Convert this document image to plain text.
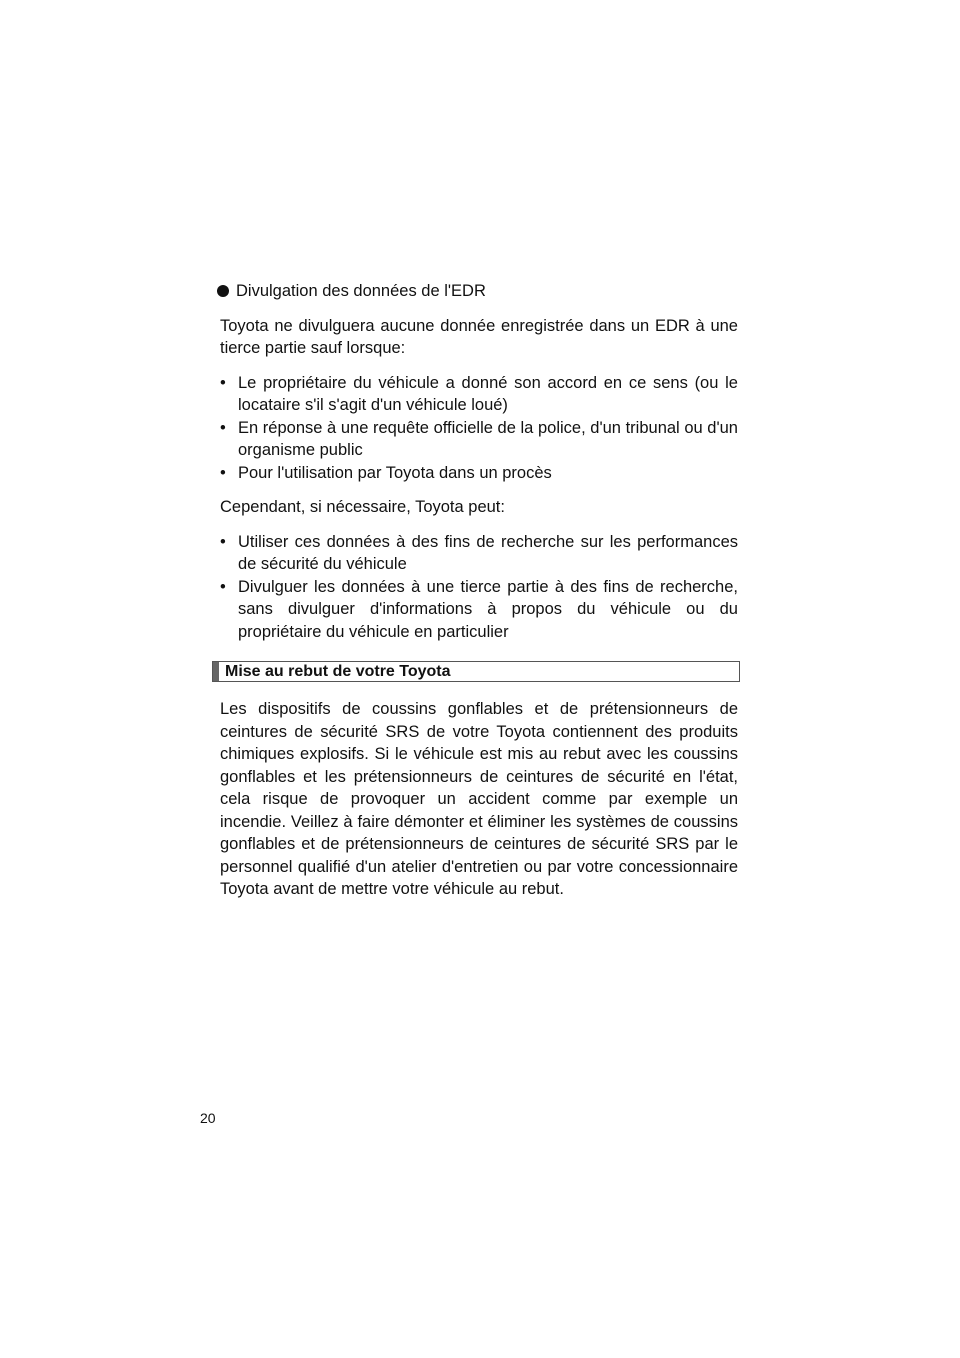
Divulgation des données de l'EDR

Toyota ne divulguera aucune donnée enregistrée dans un EDR à une tierce partie sauf lorsque:

• Le propriétaire du véhicule a donné son accord en ce sens (ou le locataire s'il s'agit d'un véhicule loué)
• En réponse à une requête officielle de la police, d'un tribunal ou d'un organisme public
• Pour l'utilisation par Toyota dans un procès

Cependant, si nécessaire, Toyota peut:

• Utiliser ces données à des fins de recherche sur les performances de sécurité du véhicule
• Divulguer les données à une tierce partie à des fins de recherche, sans divulguer d'informations à propos du véhicule ou du propriétaire du véhicule en particulier
Mise au rebut de votre Toyota

Les dispositifs de coussins gonflables et de prétensionneurs de ceintures de sécurité SRS de votre Toyota contiennent des produits chimiques explosifs. Si le véhicule est mis au rebut avec les coussins gonflables et les prétensionneurs de ceintures de sécurité en l'état, cela risque de provoquer un accident comme par exemple un incendie. Veillez à faire démonter et éliminer les systèmes de coussins gonflables et de prétensionneurs de ceintures de sécurité SRS par le personnel qualifié d'un atelier d'entretien ou par votre concessionnaire Toyota avant de mettre votre véhicule au rebut.

20
